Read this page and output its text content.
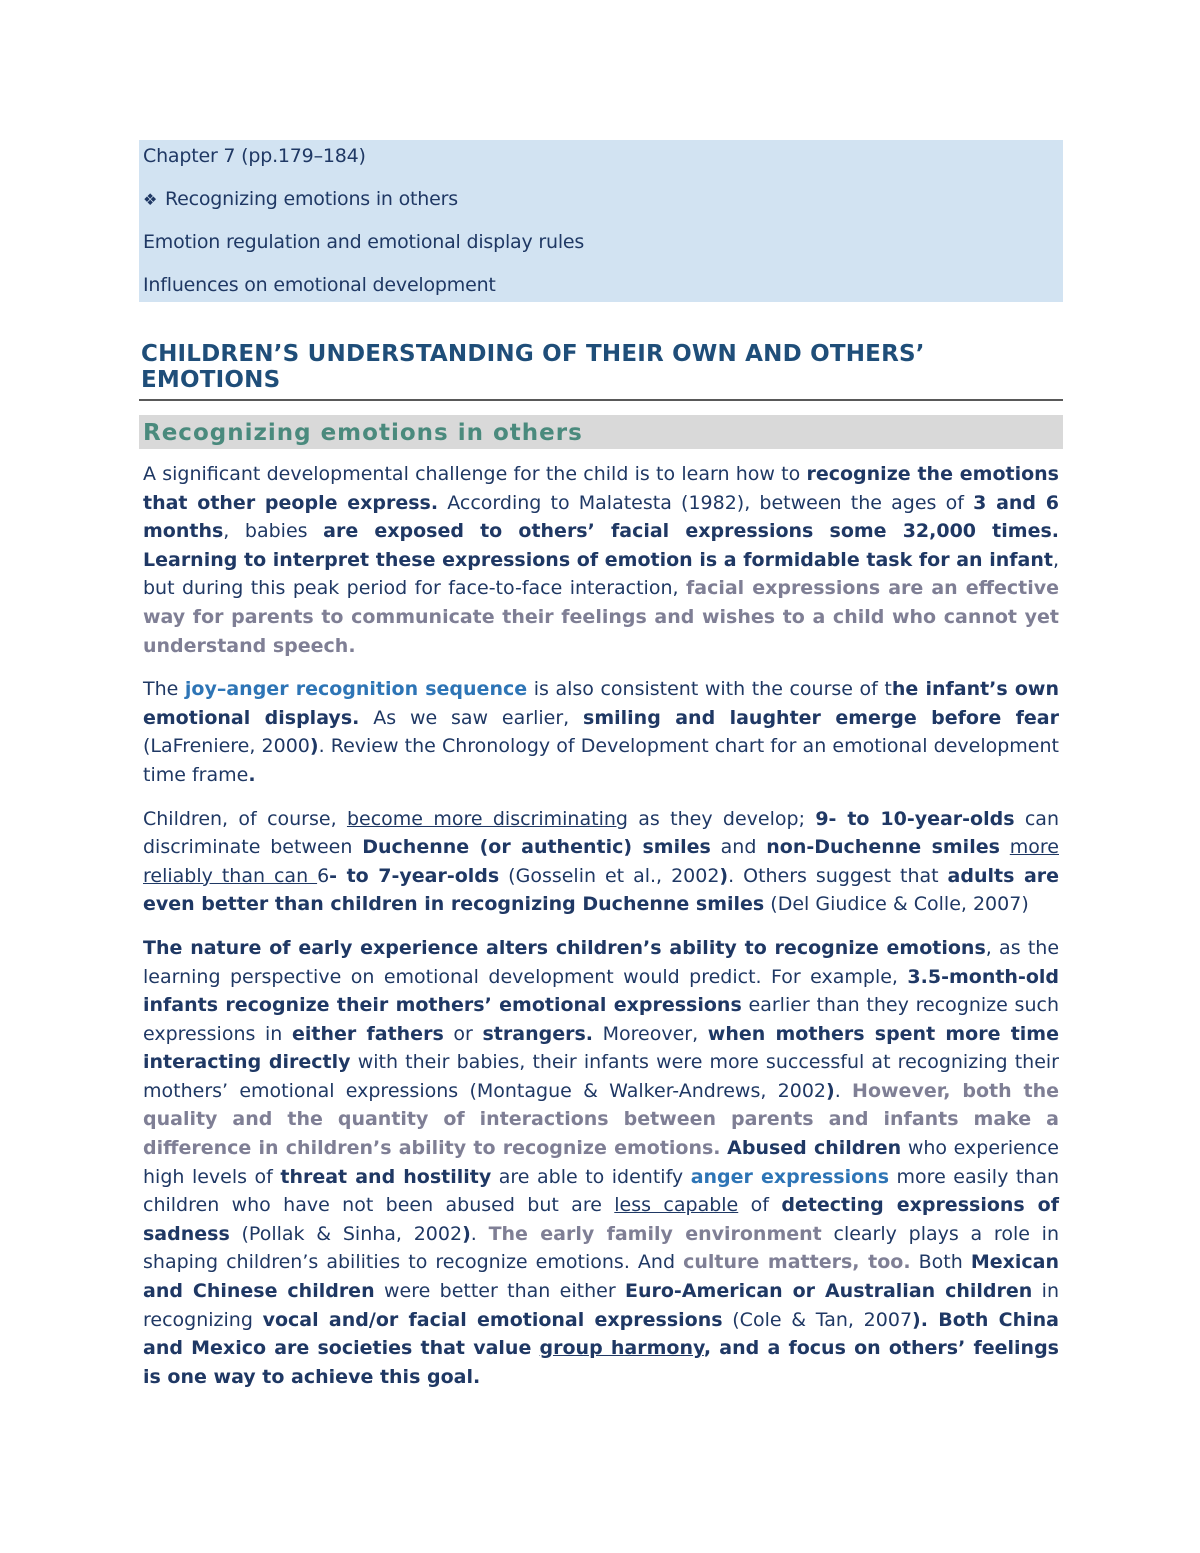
Chapter 7 (pp.179–184)

❖ Recognizing emotions in others

Emotion regulation and emotional display rules

Influences on emotional development

CHILDREN’S UNDERSTANDING OF THEIR OWN AND OTHERS’ EMOTIONS
Recognizing emotions in others

A significant developmental challenge for the child is to learn how to recognize the emotions that other people express. According to Malatesta (1982), between the ages of 3 and 6 months, babies are exposed to others’ facial expressions some 32,000 times. Learning to interpret these expressions of emotion is a formidable task for an infant, but during this peak period for face-to-face interaction, facial expressions are an effective way for parents to communicate their feelings and wishes to a child who cannot yet understand speech.

The joy–anger recognition sequence is also consistent with the course of the infant’s own emotional displays. As we saw earlier, smiling and laughter emerge before fear (LaFreniere, 2000). Review the Chronology of Development chart for an emotional development time frame.

Children, of course, become more discriminating as they develop; 9- to 10-year-olds can discriminate between Duchenne (or authentic) smiles and non-Duchenne smiles more reliably than can 6- to 7-year-olds (Gosselin et al., 2002). Others suggest that adults are even better than children in recognizing Duchenne smiles (Del Giudice & Colle, 2007)

The nature of early experience alters children’s ability to recognize emotions, as the learning perspective on emotional development would predict. For example, 3.5-month-old infants recognize their mothers’ emotional expressions earlier than they recognize such expressions in either fathers or strangers. Moreover, when mothers spent more time interacting directly with their babies, their infants were more successful at recognizing their mothers’ emotional expressions (Montague & Walker-Andrews, 2002). However, both the quality and the quantity of interactions between parents and infants make a difference in children’s ability to recognize emotions. Abused children who experience high levels of threat and hostility are able to identify anger expressions more easily than children who have not been abused but are less capable of detecting expressions of sadness (Pollak & Sinha, 2002). The early family environment clearly plays a role in shaping children’s abilities to recognize emotions. And culture matters, too. Both Mexican and Chinese children were better than either Euro-American or Australian children in recognizing vocal and/or facial emotional expressions (Cole & Tan, 2007). Both China and Mexico are societies that value group harmony, and a focus on others’ feelings is one way to achieve this goal.
